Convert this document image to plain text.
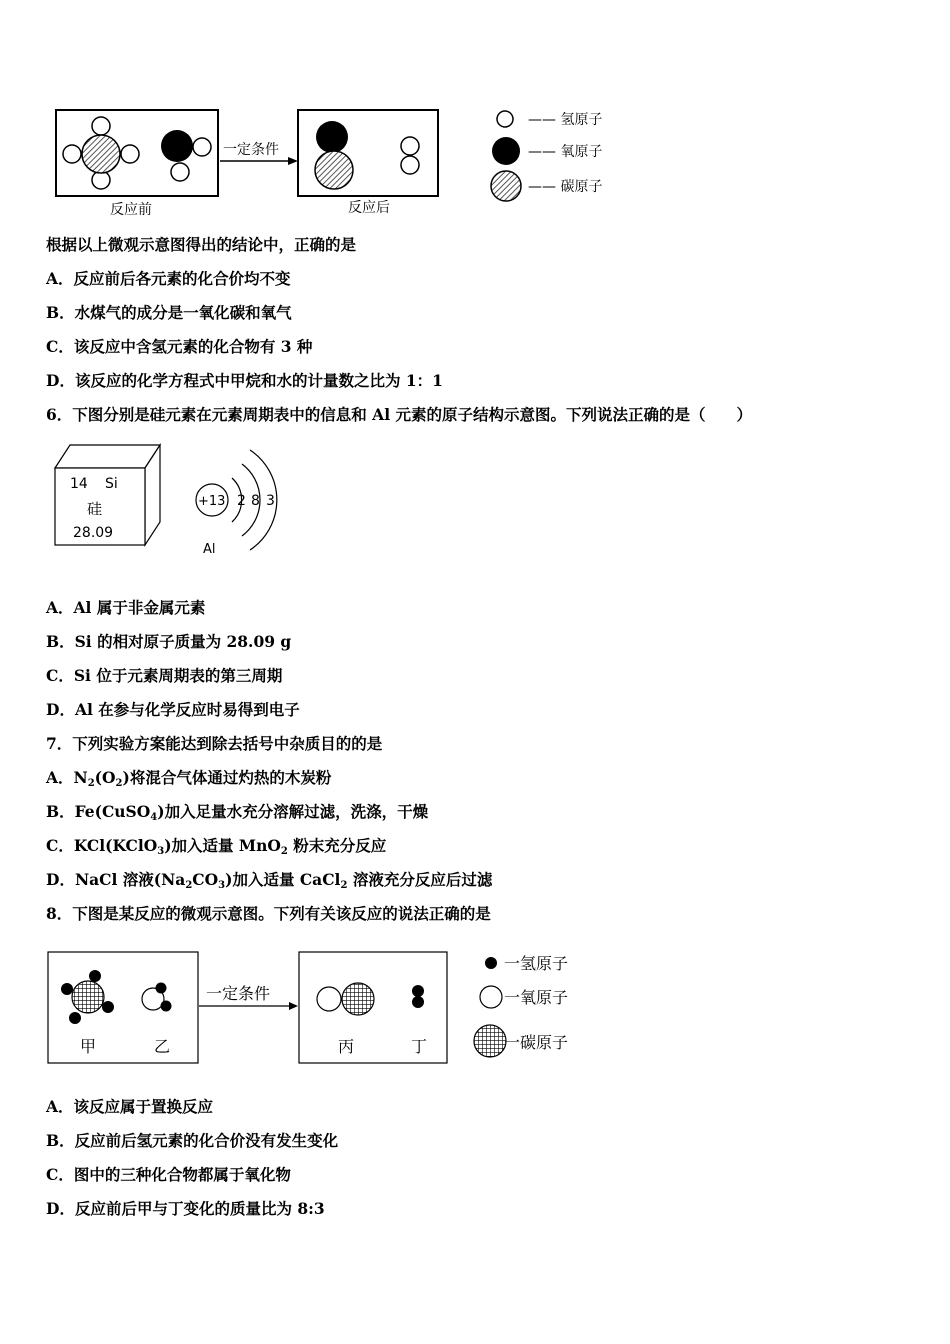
一定条件
反应前	反应后
—— 氢原子
—— 氧原子
—— 碳原子
根据以上微观示意图得出的结论中，正确的是
A．反应前后各元素的化合价均不变
B．水煤气的成分是一氧化碳和氧气
C．该反应中含氢元素的化合物有 3 种
D．该反应的化学方程式中甲烷和水的计量数之比为 1：1
6．下图分别是硅元素在元素周期表中的信息和 Al 元素的原子结构示意图。下列说法正确的是（　　）
14 Si
硅
28.09
+13 2 8 3
Al
A．Al 属于非金属元素
B．Si 的相对原子质量为 28.09 g
C．Si 位于元素周期表的第三周期
D．Al 在参与化学反应时易得到电子
7．下列实验方案能达到除去括号中杂质目的的是
A．N2(O2)将混合气体通过灼热的木炭粉
B．Fe(CuSO4)加入足量水充分溶解过滤，洗涤，干燥
C．KCl(KClO3)加入适量 MnO2 粉末充分反应
D．NaCl 溶液(Na2CO3)加入适量 CaCl2 溶液充分反应后过滤
8．下图是某反应的微观示意图。下列有关该反应的说法正确的是
甲	乙
一定条件
丙	丁
一氢原子
一氧原子
一碳原子
A．该反应属于置换反应
B．反应前后氢元素的化合价没有发生变化
C．图中的三种化合物都属于氧化物
D．反应前后甲与丁变化的质量比为 8:3
